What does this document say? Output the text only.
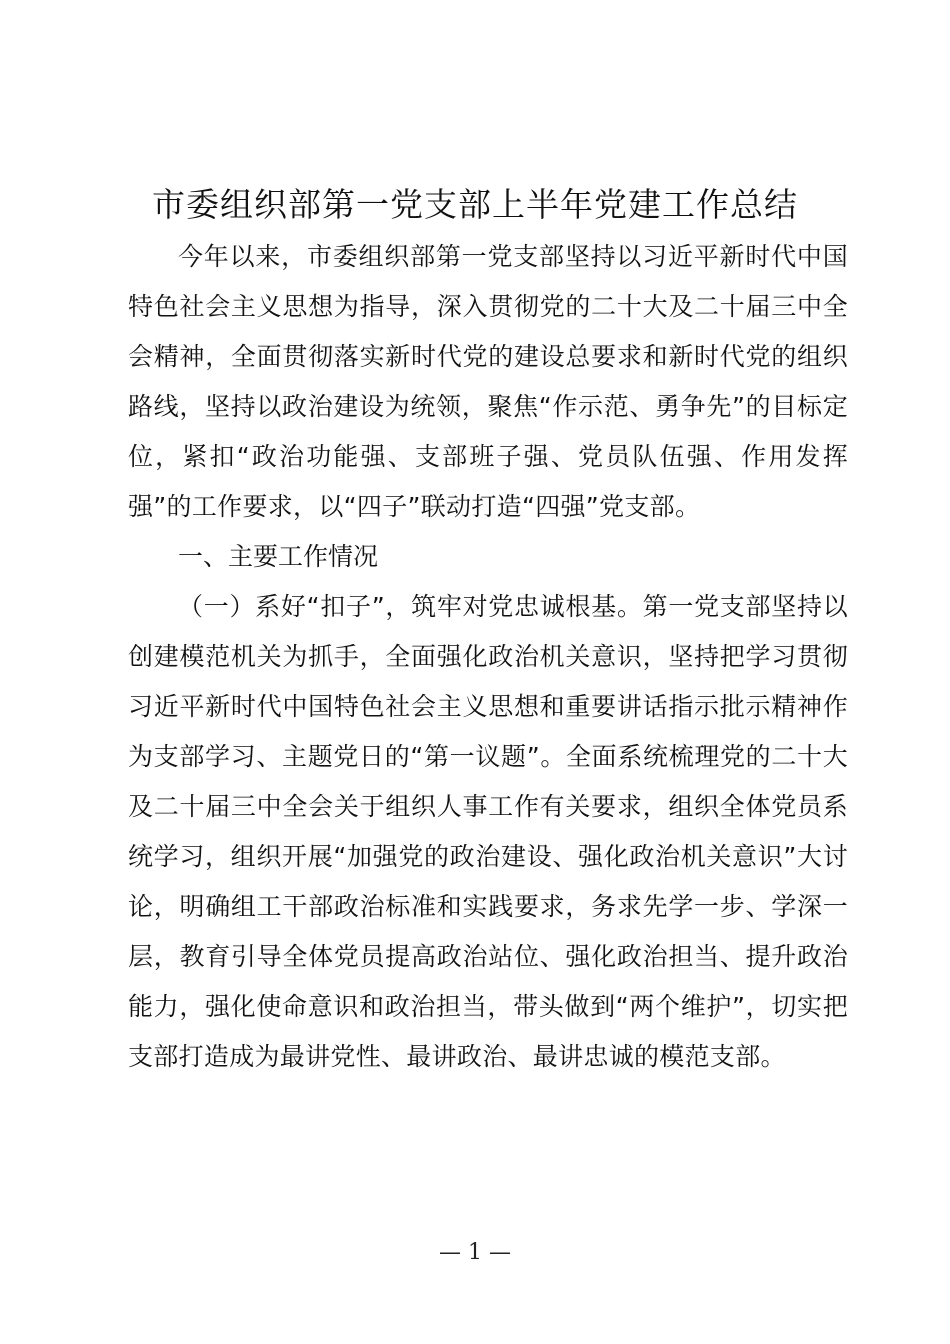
市委组织部第一党支部上半年党建工作总结

今年以来，市委组织部第一党支部坚持以习近平新时代中国特色社会主义思想为指导，深入贯彻党的二十大及二十届三中全会精神，全面贯彻落实新时代党的建设总要求和新时代党的组织路线，坚持以政治建设为统领，聚焦“作示范、勇争先”的目标定位，紧扣“政治功能强、支部班子强、党员队伍强、作用发挥强”的工作要求，以“四子”联动打造“四强”党支部。

一、主要工作情况

（一）系好“扣子”，筑牢对党忠诚根基。第一党支部坚持以创建模范机关为抓手，全面强化政治机关意识，坚持把学习贯彻习近平新时代中国特色社会主义思想和重要讲话指示批示精神作为支部学习、主题党日的“第一议题”。全面系统梳理党的二十大及二十届三中全会关于组织人事工作有关要求，组织全体党员系统学习，组织开展“加强党的政治建设、强化政治机关意识”大讨论，明确组工干部政治标准和实践要求，务求先学一步、学深一层，教育引导全体党员提高政治站位、强化政治担当、提升政治能力，强化使命意识和政治担当，带头做到“两个维护”，切实把支部打造成为最讲党性、最讲政治、最讲忠诚的模范支部。

— 1 —
